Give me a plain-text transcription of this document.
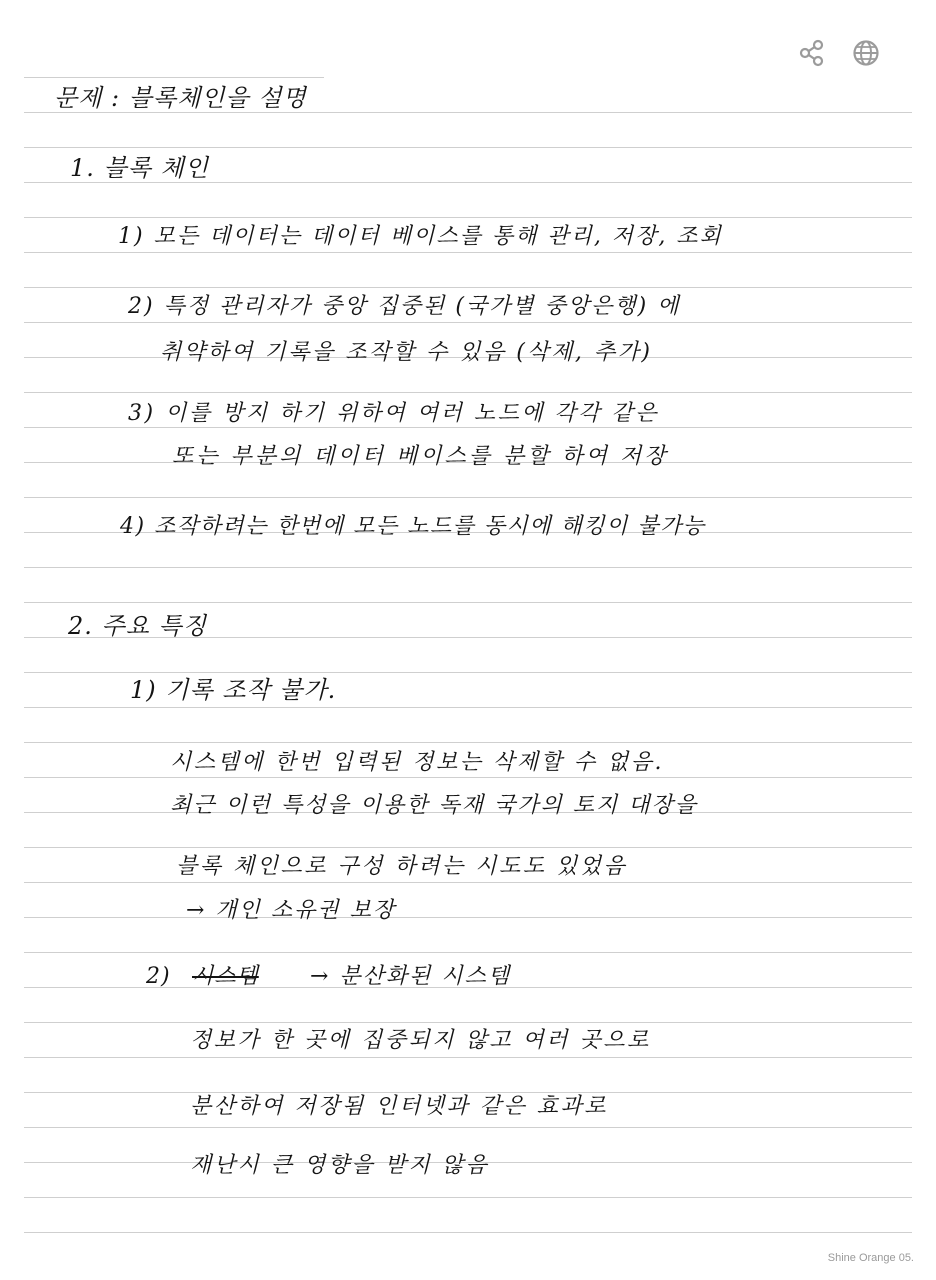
문제 : 블록체인을 설명
1. 블록 체인
1) 모든 데이터는 데이터 베이스를 통해 관리, 저장, 조회
2) 특정 관리자가 중앙 집중된 (국가별 중앙은행) 에
취약하여 기록을 조작할 수 있음 (삭제, 추가)
3) 이를 방지 하기 위하여 여러 노드에 각각 같은
또는 부분의 데이터 베이스를 분할 하여 저장
4) 조작하려는 한번에 모든 노드를 동시에 해킹이 불가능
2. 주요 특징
1) 기록 조작 불가.
시스템에 한번 입력된 정보는 삭제할 수 없음.
최근 이런 특성을 이용한 독재 국가의 토지 대장을
블록 체인으로 구성 하려는 시도도 있었음
→ 개인 소유권 보장
2) 시스템 → 분산화된 시스템
정보가 한 곳에 집중되지 않고 여러 곳으로
분산하여 저장됨 인터넷과 같은 효과로
재난시 큰 영향을 받지 않음
Shine Orange 05.
